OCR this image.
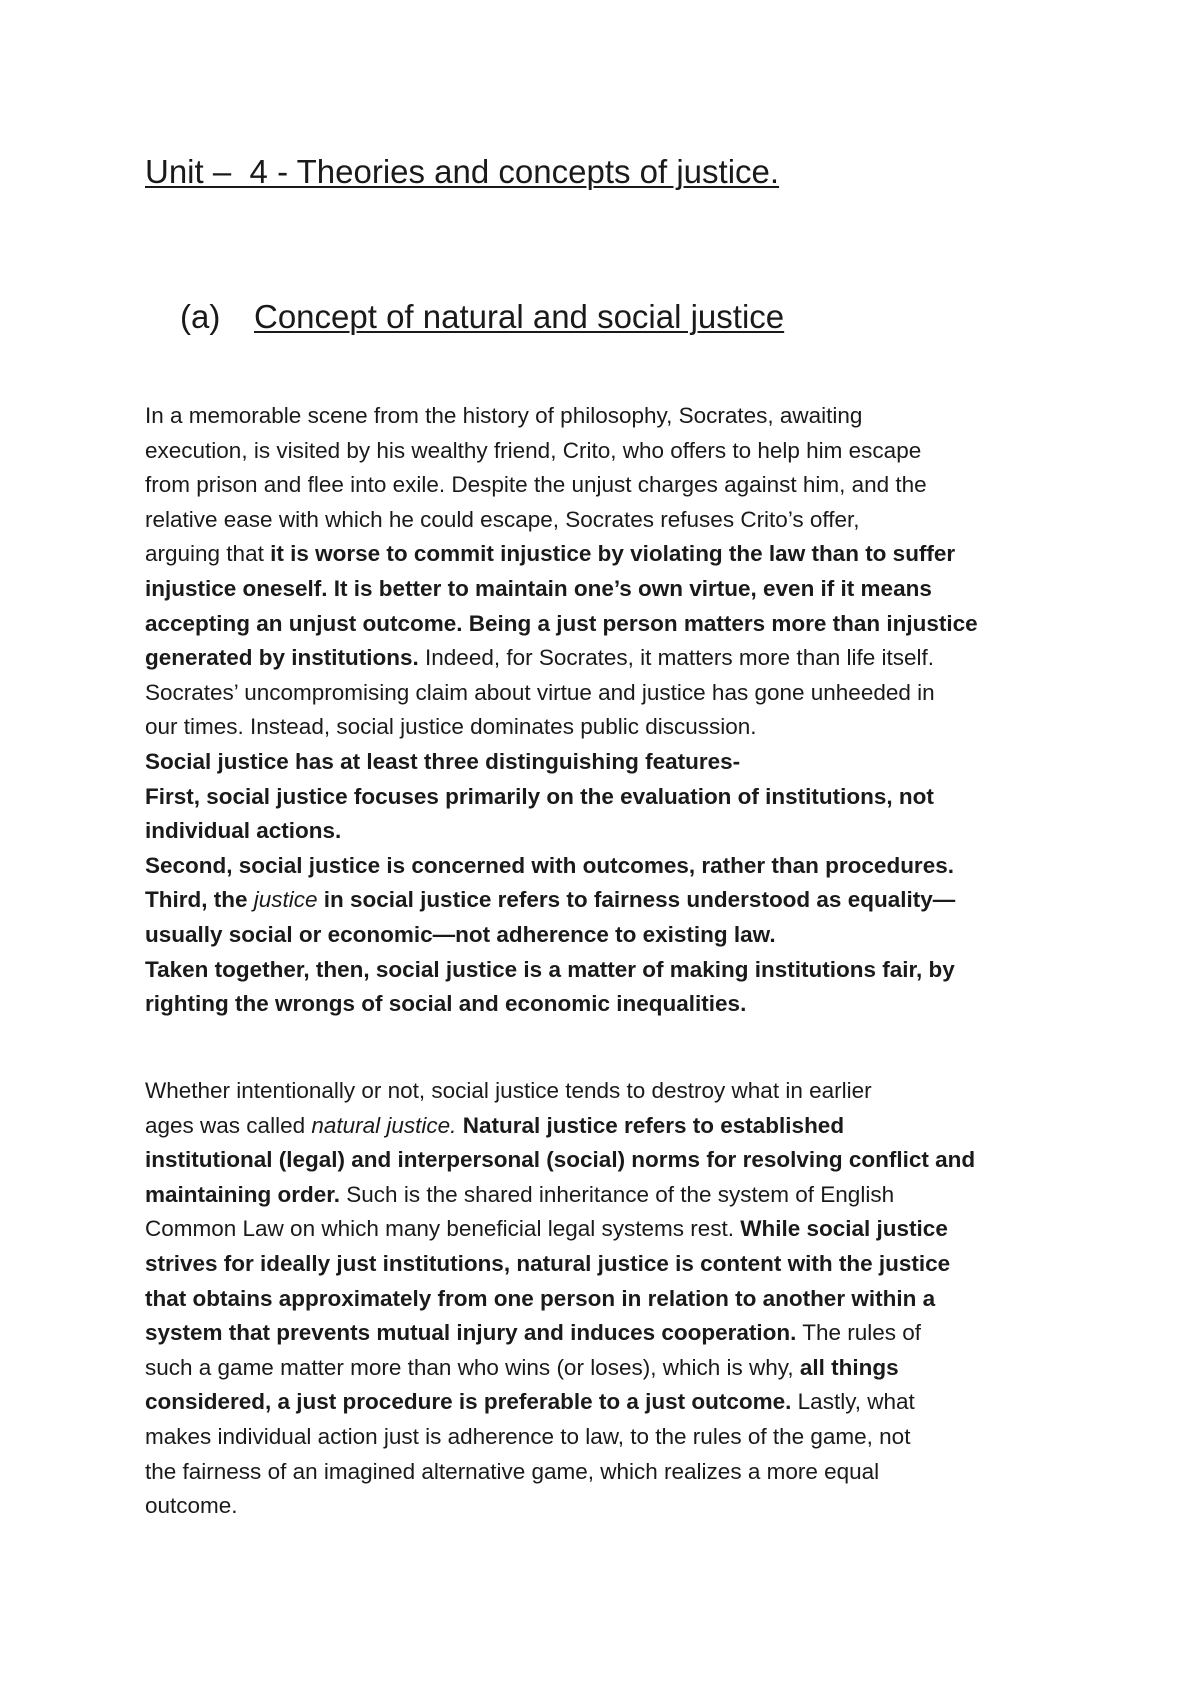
Unit –  4 - Theories and concepts of justice.
(a) Concept of natural and social justice
In a memorable scene from the history of philosophy, Socrates, awaiting
execution, is visited by his wealthy friend, Crito, who offers to help him escape
from prison and flee into exile. Despite the unjust charges against him, and the
relative ease with which he could escape, Socrates refuses Crito’s offer,
arguing that it is worse to commit injustice by violating the law than to suffer
injustice oneself. It is better to maintain one’s own virtue, even if it means
accepting an unjust outcome. Being a just person matters more than injustice
generated by institutions. Indeed, for Socrates, it matters more than life itself.
Socrates’ uncompromising claim about virtue and justice has gone unheeded in
our times. Instead, social justice dominates public discussion.
Social justice has at least three distinguishing features-
First, social justice focuses primarily on the evaluation of institutions, not
individual actions.
Second, social justice is concerned with outcomes, rather than procedures.
Third, the justice in social justice refers to fairness understood as equality—
usually social or economic—not adherence to existing law.
Taken together, then, social justice is a matter of making institutions fair, by
righting the wrongs of social and economic inequalities.
Whether intentionally or not, social justice tends to destroy what in earlier
ages was called natural justice. Natural justice refers to established
institutional (legal) and interpersonal (social) norms for resolving conflict and
maintaining order. Such is the shared inheritance of the system of English
Common Law on which many beneficial legal systems rest. While social justice
strives for ideally just institutions, natural justice is content with the justice
that obtains approximately from one person in relation to another within a
system that prevents mutual injury and induces cooperation. The rules of
such a game matter more than who wins (or loses), which is why, all things
considered, a just procedure is preferable to a just outcome. Lastly, what
makes individual action just is adherence to law, to the rules of the game, not
the fairness of an imagined alternative game, which realizes a more equal
outcome.
